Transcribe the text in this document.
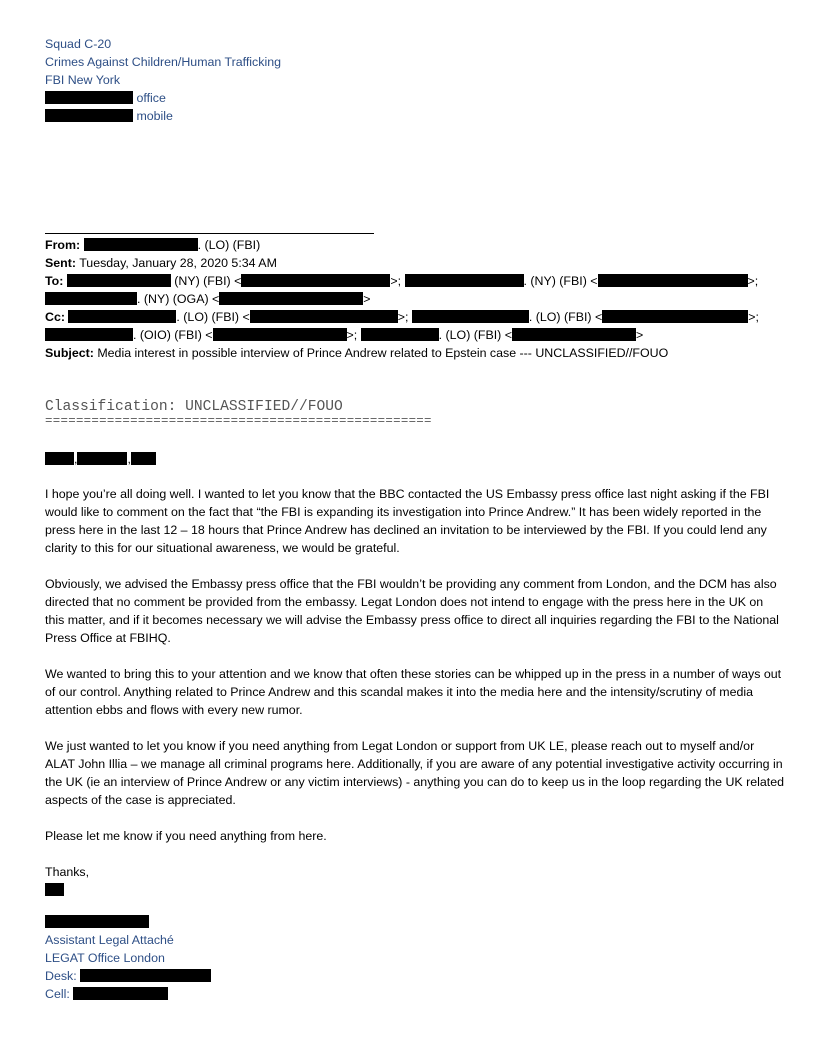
Squad C-20
Crimes Against Children/Human Trafficking
FBI New York
office
mobile
From:	. (LO) (FBI)
Sent: Tuesday, January 28, 2020 5:34 AM
To:	(NY) (FBI) <	>;	. (NY) (FBI) <	>;
. (NY) (OGA) <	>
Cc:	. (LO) (FBI) <	>;	. (LO) (FBI) <	>;
. (OIO) (FBI) <	>;	. (LO) (FBI) <	>
Subject: Media interest in possible interview of Prince Andrew related to Epstein case --- UNCLASSIFIED//FOUO
Classification: UNCLASSIFIED//FOUO
==================================================
,	,

I hope you’re all doing well. I wanted to let you know that the BBC contacted the US Embassy press office last night asking if the FBI would like to comment on the fact that “the FBI is expanding its investigation into Prince Andrew.” It has been widely reported in the press here in the last 12 – 18 hours that Prince Andrew has declined an invitation to be interviewed by the FBI. If you could lend any clarity to this for our situational awareness, we would be grateful.

Obviously, we advised the Embassy press office that the FBI wouldn’t be providing any comment from London, and the DCM has also directed that no comment be provided from the embassy. Legat London does not intend to engage with the press here in the UK on this matter, and if it becomes necessary we will advise the Embassy press office to direct all inquiries regarding the FBI to the National Press Office at FBIHQ.

We wanted to bring this to your attention and we know that often these stories can be whipped up in the press in a number of ways out of our control. Anything related to Prince Andrew and this scandal makes it into the media here and the intensity/scrutiny of media attention ebbs and flows with every new rumor.

We just wanted to let you know if you need anything from Legat London or support from UK LE, please reach out to myself and/or ALAT John Illia – we manage all criminal programs here. Additionally, if you are aware of any potential investigative activity occurring in the UK (ie an interview of Prince Andrew or any victim interviews) - anything you can do to keep us in the loop regarding the UK related aspects of the case is appreciated.

Please let me know if you need anything from here.

Thanks,
Assistant Legal Attaché
LEGAT Office London
Desk:
Cell:
